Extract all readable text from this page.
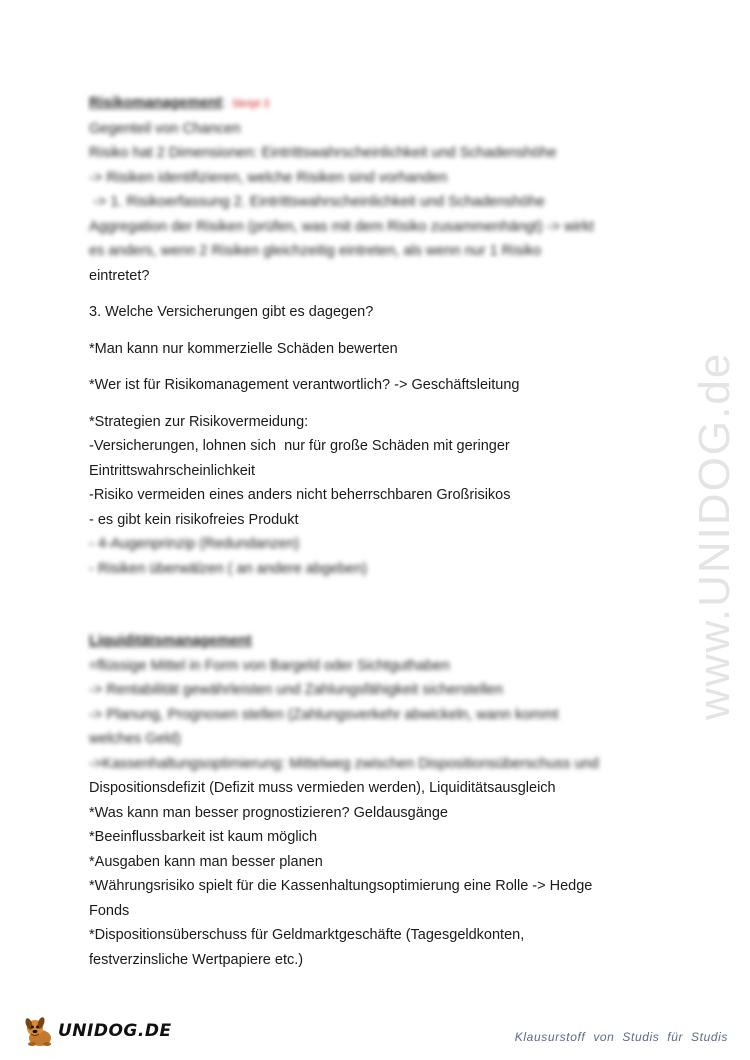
www.UNIDOG.de
Risikomanagement: Skript 3
Gegenteil von Chancen
Risiko hat 2 Dimensionen: Eintrittswahrscheinlichkeit und Schadenshöhe
-> Risiken identifizieren, welche Risiken sind vorhanden
-> 1. Risikoerfassung 2. Eintrittswahrscheinlichkeit und Schadenshöhe
Aggregation der Risiken (prüfen, was mit dem Risiko zusammenhängt) -> wirkt
es anders, wenn 2 Risiken gleichzeitig eintreten, als wenn nur 1 Risiko
eintretet?
3. Welche Versicherungen gibt es dagegen?
*Man kann nur kommerzielle Schäden bewerten
*Wer ist für Risikomanagement verantwortlich? -> Geschäftsleitung
*Strategien zur Risikovermeidung:
-Versicherungen, lohnen sich  nur für große Schäden mit geringer
Eintrittswahrscheinlichkeit
-Risiko vermeiden eines anders nicht beherrschbaren Großrisikos
- es gibt kein risikofreies Produkt
- 4-Augenprinzip (Redundanzen)
- Risiken überwälzen ( an andere abgeben)
Liquiditätsmanagement
=flüssige Mittel in Form von Bargeld oder Sichtguthaben
-> Rentabilität gewährleisten und Zahlungsfähigkeit sicherstellen
-> Planung, Prognosen stellen (Zahlungsverkehr abwickeln, wann kommt
welches Geld)
->Kassenhaltungsoptimierung: Mittelweg zwischen Dispositionsüberschuss und
Dispositionsdefizit (Defizit muss vermieden werden), Liquiditätsausgleich
*Was kann man besser prognostizieren? Geldausgänge
*Beeinflussbarkeit ist kaum möglich
*Ausgaben kann man besser planen
*Währungsrisiko spielt für die Kassenhaltungsoptimierung eine Rolle -> Hedge
Fonds
*Dispositionsüberschuss für Geldmarktgeschäfte (Tagesgeldkonten,
festverzinsliche Wertpapiere etc.)
UNIDOG.DE	Klausurstoff von Studis für Studis
